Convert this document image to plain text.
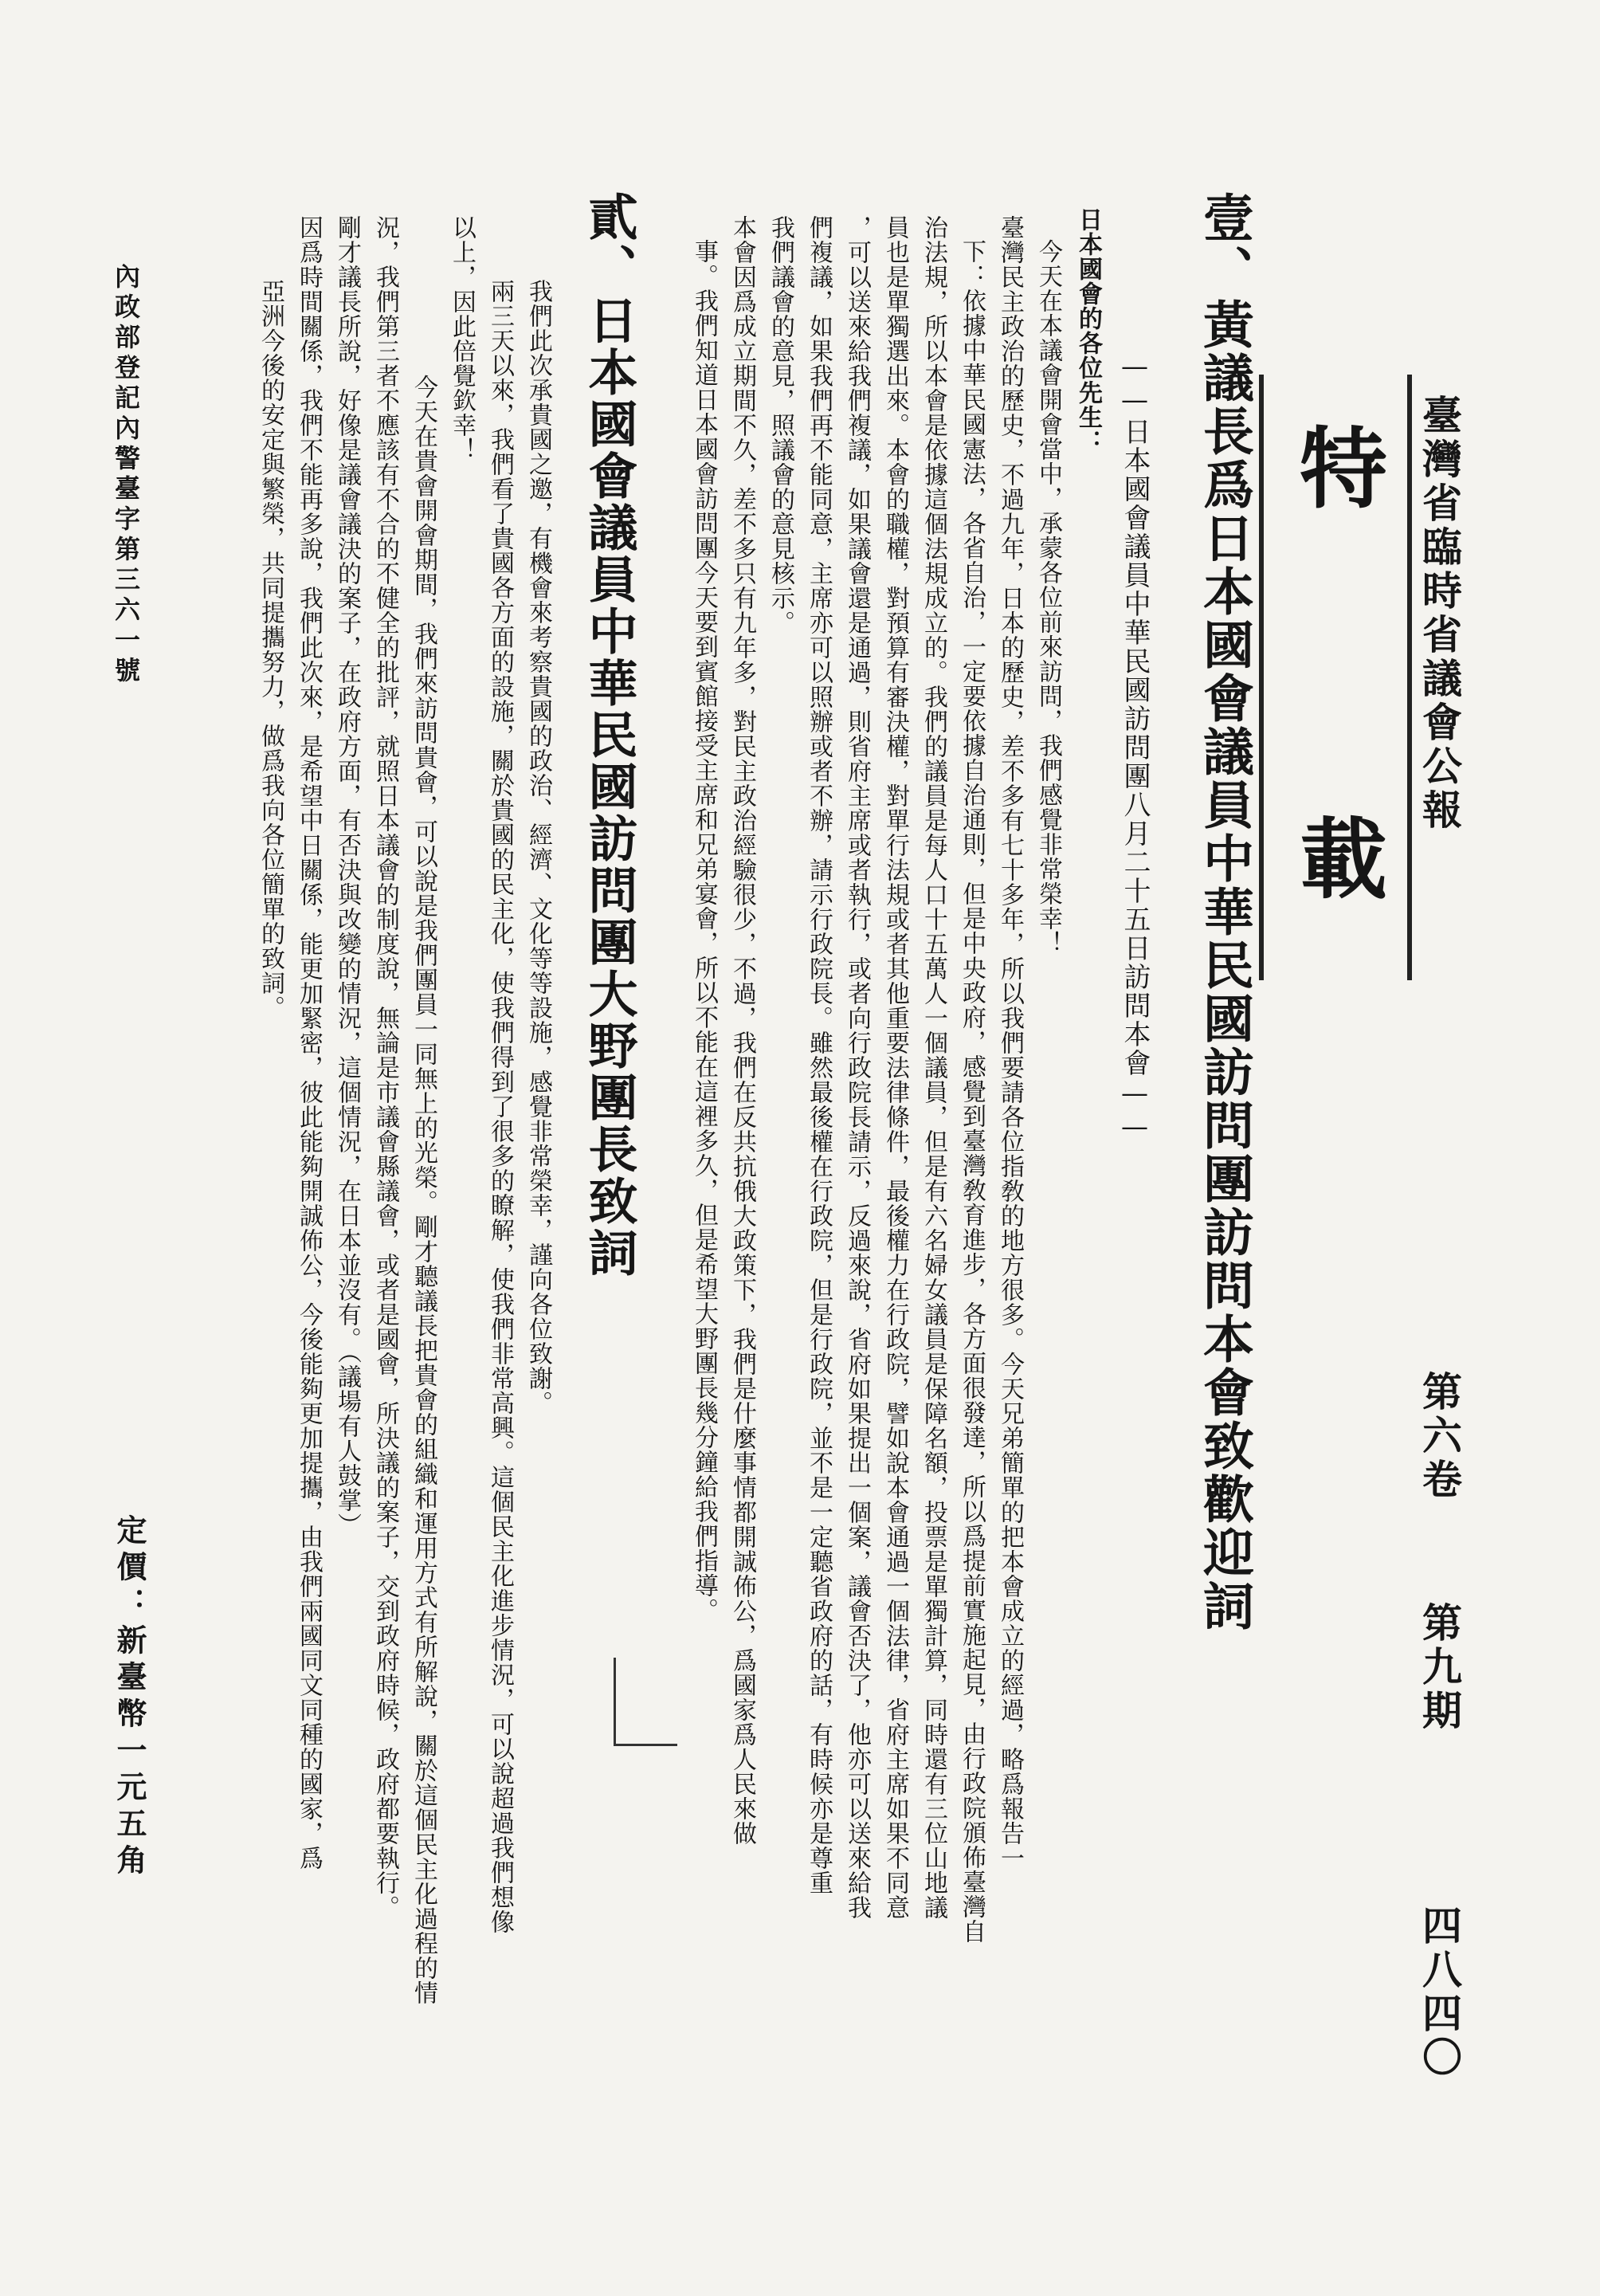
臺灣省臨時省議會公報
第六卷
第九期
四八四〇
特
載
壹、黃議長爲日本國會議員中華民國訪問團訪問本會致歡迎詞
——日本國會議員中華民國訪問團八月二十五日訪問本會——
日本國會的各位先生：
今天在本議會開會當中，承蒙各位前來訪問，我們感覺非常榮幸！
臺灣民主政治的歷史，不過九年，日本的歷史，差不多有七十多年，所以我們要請各位指敎的地方很多。今天兄弟簡單的把本會成立的經過，略爲報告一
下：依據中華民國憲法，各省自治，一定要依據自治通則，但是中央政府，感覺到臺灣敎育進步，各方面很發達，所以爲提前實施起見，由行政院頒佈臺灣自
治法規，所以本會是依據這個法規成立的。我們的議員是每人口十五萬人一個議員，但是有六名婦女議員是保障名額，投票是單獨計算，同時還有三位山地議
員也是單獨選出來。本會的職權，對預算有審決權，對單行法規或者其他重要法律條件，最後權力在行政院，譬如說本會通過一個法律，省府主席如果不同意
，可以送來給我們複議，如果議會還是通過，則省府主席或者執行，或者向行政院長請示，反過來說，省府如果提出一個案，議會否決了，他亦可以送來給我
們複議，如果我們再不能同意，主席亦可以照辦或者不辦，請示行政院長。雖然最後權在行政院，但是行政院，並不是一定聽省政府的話，有時候亦是尊重
我們議會的意見，照議會的意見核示。
本會因爲成立期間不久，差不多只有九年多，對民主政治經驗很少，不過，我們在反共抗俄大政策下，我們是什麼事情都開誠佈公，爲國家爲人民來做
事。我們知道日本國會訪問團今天要到賓館接受主席和兄弟宴會，所以不能在這裡多久，但是希望大野團長幾分鐘給我們指導。
貳、日本國會議員中華民國訪問團大野團長致詞
我們此次承貴國之邀，有機會來考察貴國的政治、經濟、文化等等設施，感覺非常榮幸，謹向各位致謝。
兩三天以來，我們看了貴國各方面的設施，關於貴國的民主化，使我們得到了很多的瞭解，使我們非常高興。這個民主化進步情況，可以說超過我們想像
以上，因此倍覺欽幸！
今天在貴會開會期間，我們來訪問貴會，可以說是我們團員一同無上的光榮。剛才聽議長把貴會的組織和運用方式有所解說，關於這個民主化過程的情
況，我們第三者不應該有不合的不健全的批評，就照日本議會的制度說，無論是市議會縣議會，或者是國會，所決議的案子，交到政府時候，政府都要執行。
剛才議長所說，好像是議會議決的案子，在政府方面，有否決與改變的情況，這個情況，在日本並沒有。（議場有人鼓掌）
因爲時間關係，我們不能再多說，我們此次來，是希望中日關係，能更加緊密，彼此能夠開誠佈公，今後能夠更加提攜，由我們兩國同文同種的國家，爲
亞洲今後的安定與繁榮，共同提攜努力，做爲我向各位簡單的致詞。
內政部登記內警臺字第三六一號
定價：新臺幣一元五角
